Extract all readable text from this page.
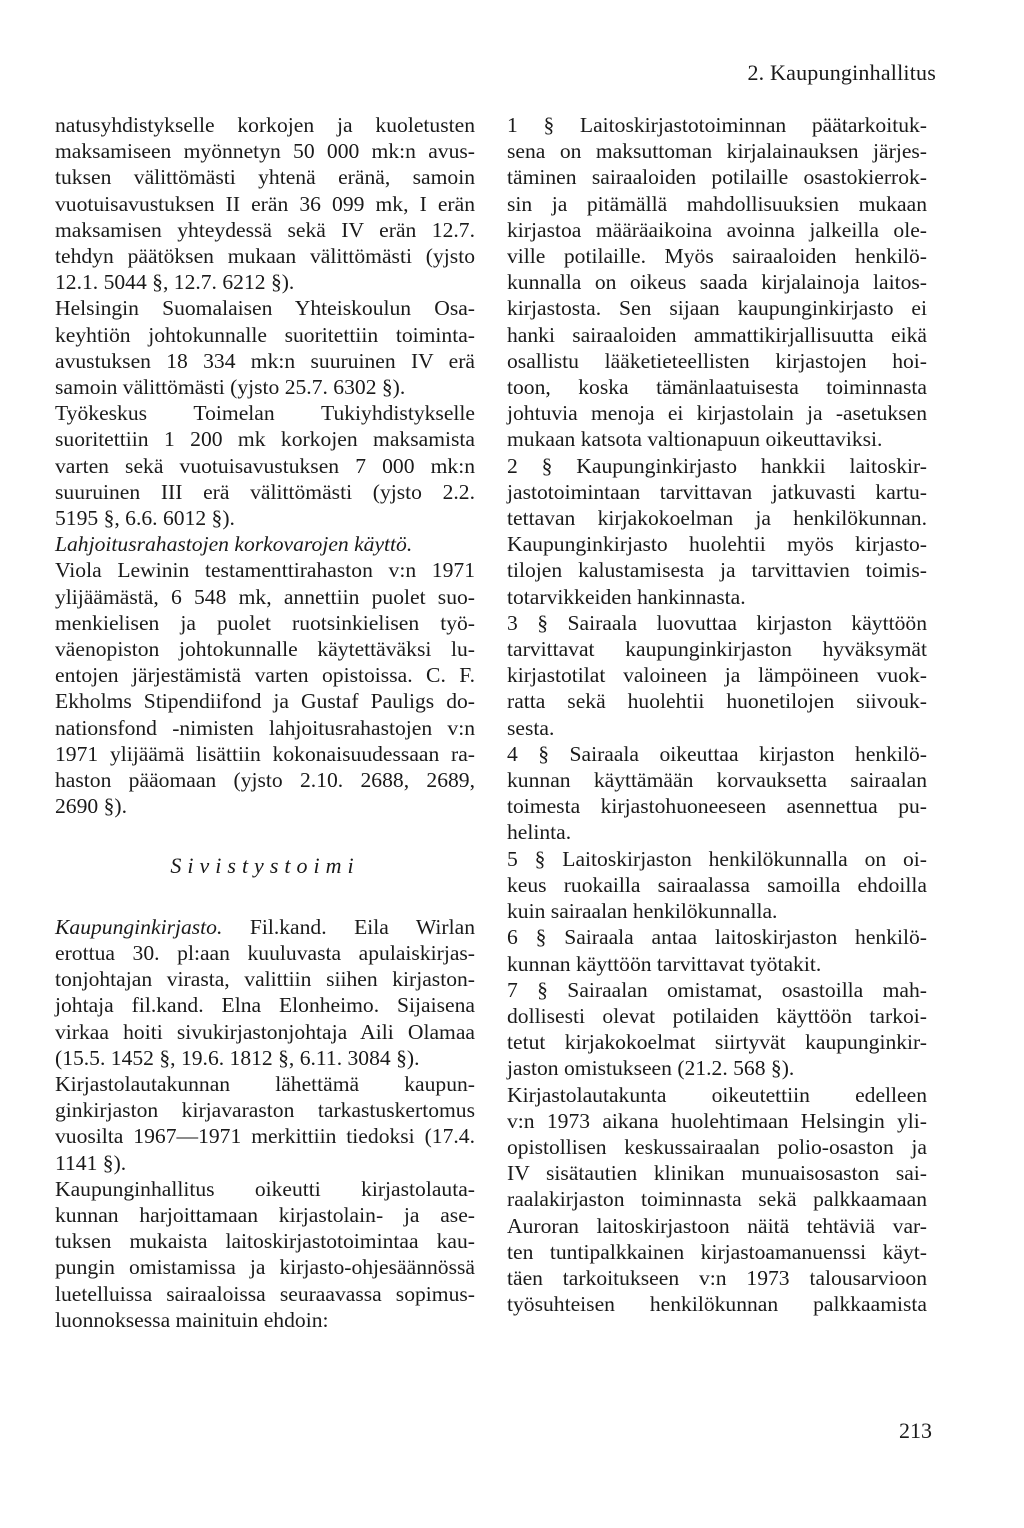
2. Kaupunginhallitus

natusyhdistykselle korkojen ja kuoletusten
maksamiseen myönnetyn 50 000 mk:n avus-
tuksen välittömästi yhtenä eränä, samoin
vuotuisavustuksen II erän 36 099 mk, I erän
maksamisen yhteydessä sekä IV erän 12.7.
tehdyn päätöksen mukaan välittömästi (yjsto
12.1. 5044 §, 12.7. 6212 §).

Helsingin Suomalaisen Yhteiskoulun Osa-
keyhtiön johtokunnalle suoritettiin toiminta-
avustuksen 18 334 mk:n suuruinen IV erä
samoin välittömästi (yjsto 25.7. 6302 §).

Työkeskus Toimelan Tukiyhdistykselle
suoritettiin 1 200 mk korkojen maksamista
varten sekä vuotuisavustuksen 7 000 mk:n
suuruinen III erä välittömästi (yjsto 2.2.
5195 §, 6.6. 6012 §).

Lahjoitusrahastojen korkovarojen käyttö.
Viola Lewinin testamenttirahaston v:n 1971
ylijäämästä, 6 548 mk, annettiin puolet suo-
menkielisen ja puolet ruotsinkielisen työ-
väenopiston johtokunnalle käytettäväksi lu-
entojen järjestämistä varten opistoissa. C. F.
Ekholms Stipendiifond ja Gustaf Pauligs do-
nationsfond -nimisten lahjoitusrahastojen v:n
1971 ylijäämä lisättiin kokonaisuudessaan ra-
haston pääomaan (yjsto 2.10. 2688, 2689,
2690 §).

Sivistystoimi

Kaupunginkirjasto. Fil.kand. Eila Wirlan
erottua 30. pl:aan kuuluvasta apulaiskirjas-
tonjohtajan virasta, valittiin siihen kirjaston-
johtaja fil.kand. Elna Elonheimo. Sijaisena
virkaa hoiti sivukirjastonjohtaja Aili Olamaa
(15.5. 1452 §, 19.6. 1812 §, 6.11. 3084 §).

Kirjastolautakunnan lähettämä kaupun-
ginkirjaston kirjavaraston tarkastuskertomus
vuosilta 1967—1971 merkittiin tiedoksi (17.4.
1141 §).

Kaupunginhallitus oikeutti kirjastolauta-
kunnan harjoittamaan kirjastolain- ja ase-
tuksen mukaista laitoskirjastotoimintaa kau-
pungin omistamissa ja kirjasto-ohjesäännössä
luetelluissa sairaaloissa seuraavassa sopimus-
luonnoksessa mainituin ehdoin:

1 § Laitoskirjastotoiminnan päätarkoituk-
sena on maksuttoman kirjalainauksen järjes-
täminen sairaaloiden potilaille osastokierrok-
sin ja pitämällä mahdollisuuksien mukaan
kirjastoa määräaikoina avoinna jalkeilla ole-
ville potilaille. Myös sairaaloiden henkilö-
kunnalla on oikeus saada kirjalainoja laitos-
kirjastosta. Sen sijaan kaupunginkirjasto ei
hanki sairaaloiden ammattikirjallisuutta eikä
osallistu lääketieteellisten kirjastojen hoi-
toon, koska tämänlaatuisesta toiminnasta
johtuvia menoja ei kirjastolain ja -asetuksen
mukaan katsota valtionapuun oikeuttaviksi.

2 § Kaupunginkirjasto hankkii laitoskir-
jastotoimintaan tarvittavan jatkuvasti kartu-
tettavan kirjakokoelman ja henkilökunnan.
Kaupunginkirjasto huolehtii myös kirjasto-
tilojen kalustamisesta ja tarvittavien toimis-
totarvikkeiden hankinnasta.

3 § Sairaala luovuttaa kirjaston käyttöön
tarvittavat kaupunginkirjaston hyväksymät
kirjastotilat valoineen ja lämpöineen vuok-
ratta sekä huolehtii huonetilojen siivouk-
sesta.

4 § Sairaala oikeuttaa kirjaston henkilö-
kunnan käyttämään korvauksetta sairaalan
toimesta kirjastohuoneeseen asennettua pu-
helinta.

5 § Laitoskirjaston henkilökunnalla on oi-
keus ruokailla sairaalassa samoilla ehdoilla
kuin sairaalan henkilökunnalla.

6 § Sairaala antaa laitoskirjaston henkilö-
kunnan käyttöön tarvittavat työtakit.

7 § Sairaalan omistamat, osastoilla mah-
dollisesti olevat potilaiden käyttöön tarkoi-
tetut kirjakokoelmat siirtyvät kaupunginkir-
jaston omistukseen (21.2. 568 §).

Kirjastolautakunta oikeutettiin edelleen
v:n 1973 aikana huolehtimaan Helsingin yli-
opistollisen keskussairaalan polio-osaston ja
IV sisätautien klinikan munuaisosaston sai-
raalakirjaston toiminnasta sekä palkkaamaan
Auroran laitoskirjastoon näitä tehtäviä var-
ten tuntipalkkainen kirjastoamanuenssi käyt-
täen tarkoitukseen v:n 1973 talousarvioon
työsuhteisen henkilökunnan palkkaamista

213
